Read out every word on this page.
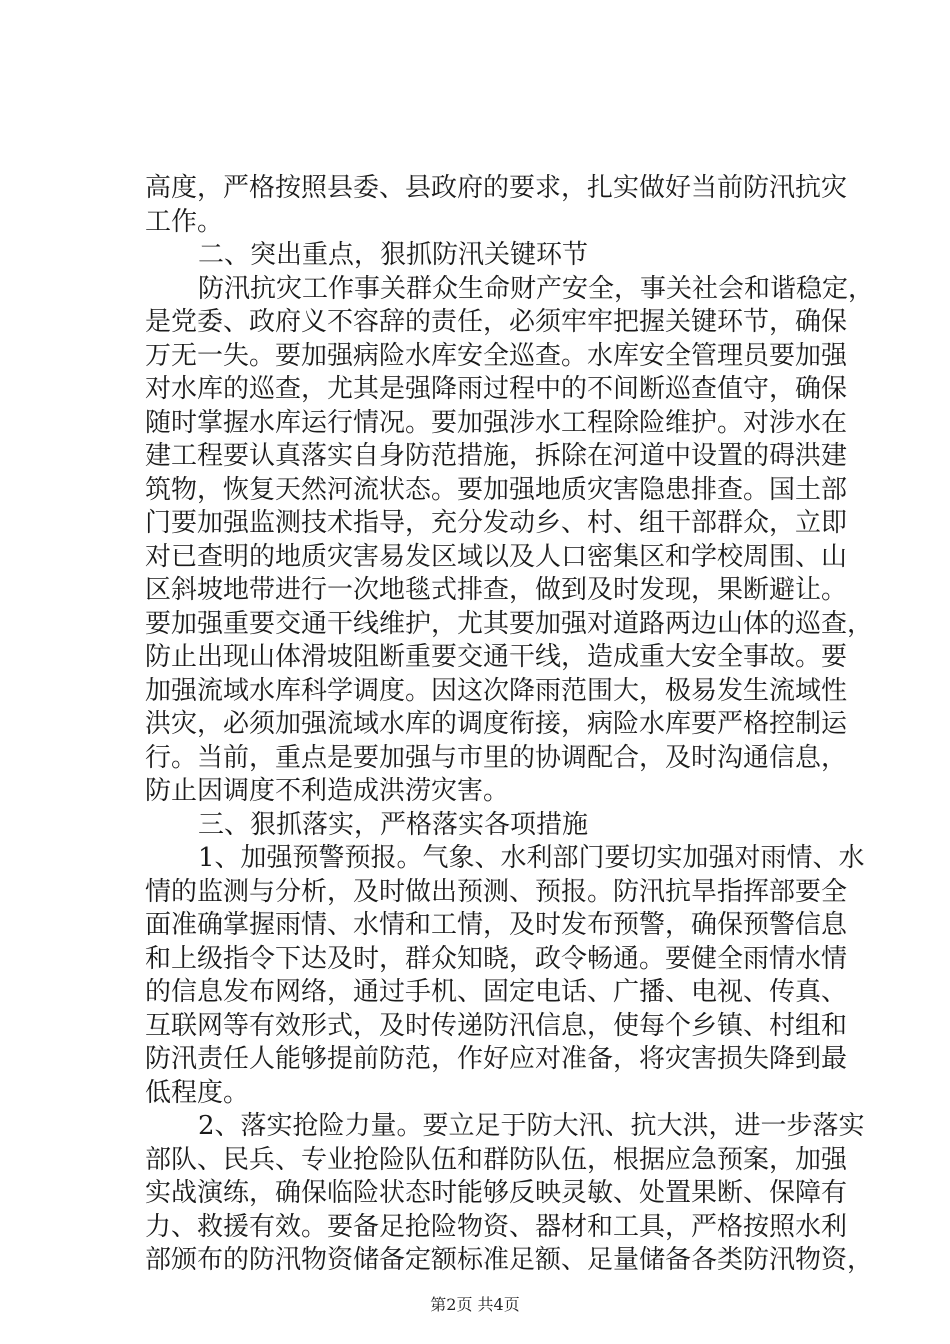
高度，严格按照县委、县政府的要求，扎实做好当前防汛抗灾
工作。
二、突出重点，狠抓防汛关键环节
防汛抗灾工作事关群众生命财产安全，事关社会和谐稳定，
是党委、政府义不容辞的责任，必须牢牢把握关键环节，确保
万无一失。要加强病险水库安全巡查。水库安全管理员要加强
对水库的巡查，尤其是强降雨过程中的不间断巡查值守，确保
随时掌握水库运行情况。要加强涉水工程除险维护。对涉水在
建工程要认真落实自身防范措施，拆除在河道中设置的碍洪建
筑物，恢复天然河流状态。要加强地质灾害隐患排查。国土部
门要加强监测技术指导，充分发动乡、村、组干部群众，立即
对已查明的地质灾害易发区域以及人口密集区和学校周围、山
区斜坡地带进行一次地毯式排查，做到及时发现，果断避让。
要加强重要交通干线维护，尤其要加强对道路两边山体的巡查，
防止出现山体滑坡阻断重要交通干线，造成重大安全事故。要
加强流域水库科学调度。因这次降雨范围大，极易发生流域性
洪灾，必须加强流域水库的调度衔接，病险水库要严格控制运
行。当前，重点是要加强与市里的协调配合，及时沟通信息，
防止因调度不利造成洪涝灾害。
三、狠抓落实，严格落实各项措施
1、加强预警预报。气象、水利部门要切实加强对雨情、水
情的监测与分析，及时做出预测、预报。防汛抗旱指挥部要全
面准确掌握雨情、水情和工情，及时发布预警，确保预警信息
和上级指令下达及时，群众知晓，政令畅通。要健全雨情水情
的信息发布网络，通过手机、固定电话、广播、电视、传真、
互联网等有效形式，及时传递防汛信息，使每个乡镇、村组和
防汛责任人能够提前防范，作好应对准备，将灾害损失降到最
低程度。
2、落实抢险力量。要立足于防大汛、抗大洪，进一步落实
部队、民兵、专业抢险队伍和群防队伍，根据应急预案，加强
实战演练，确保临险状态时能够反映灵敏、处置果断、保障有
力、救援有效。要备足抢险物资、器材和工具，严格按照水利
部颁布的防汛物资储备定额标准足额、足量储备各类防汛物资，
第2页 共4页
